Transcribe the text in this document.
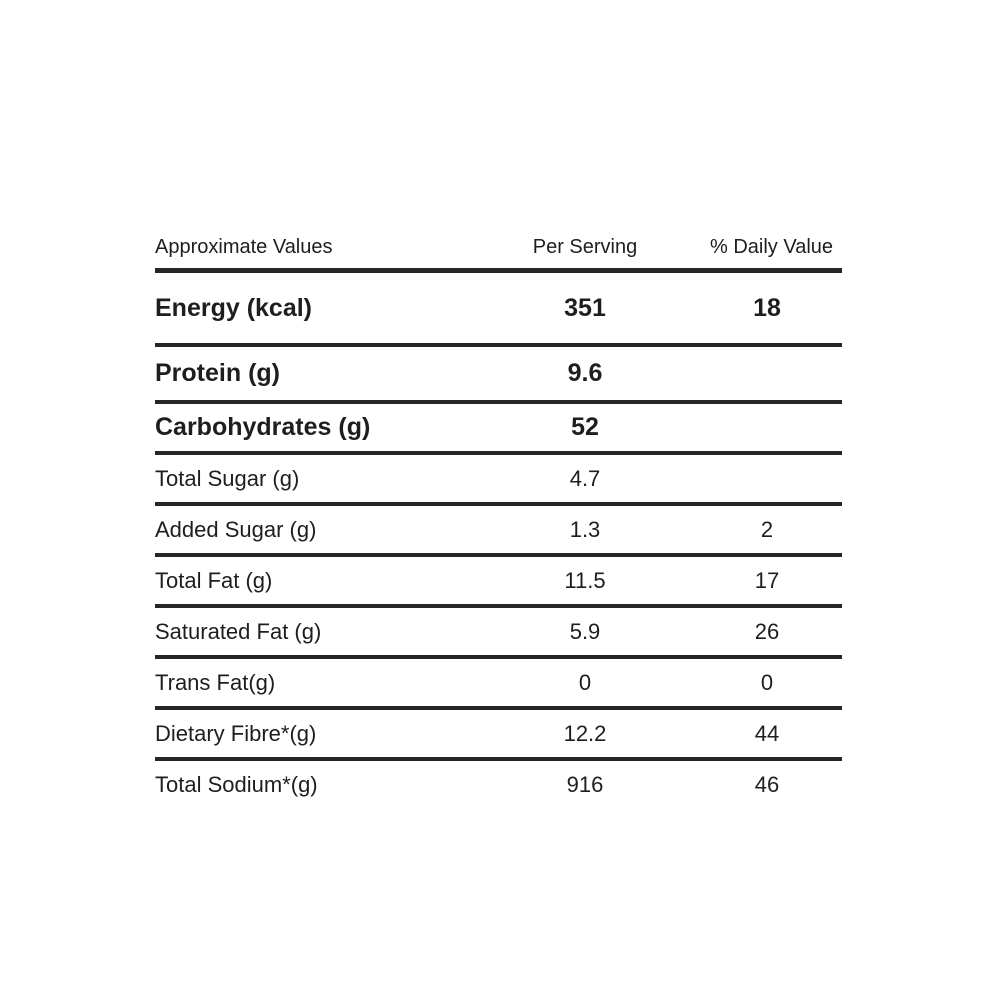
Approximate Values	Per Serving	% Daily Value
Energy (kcal)	351	18
Protein (g)	9.6
Carbohydrates (g)	52
Total Sugar (g)	4.7
Added Sugar (g)	1.3	2
Total Fat (g)	11.5	17
Saturated Fat (g)	5.9	26
Trans Fat(g)	0	0
Dietary Fibre*(g)	12.2	44
Total Sodium*(g)	916	46
